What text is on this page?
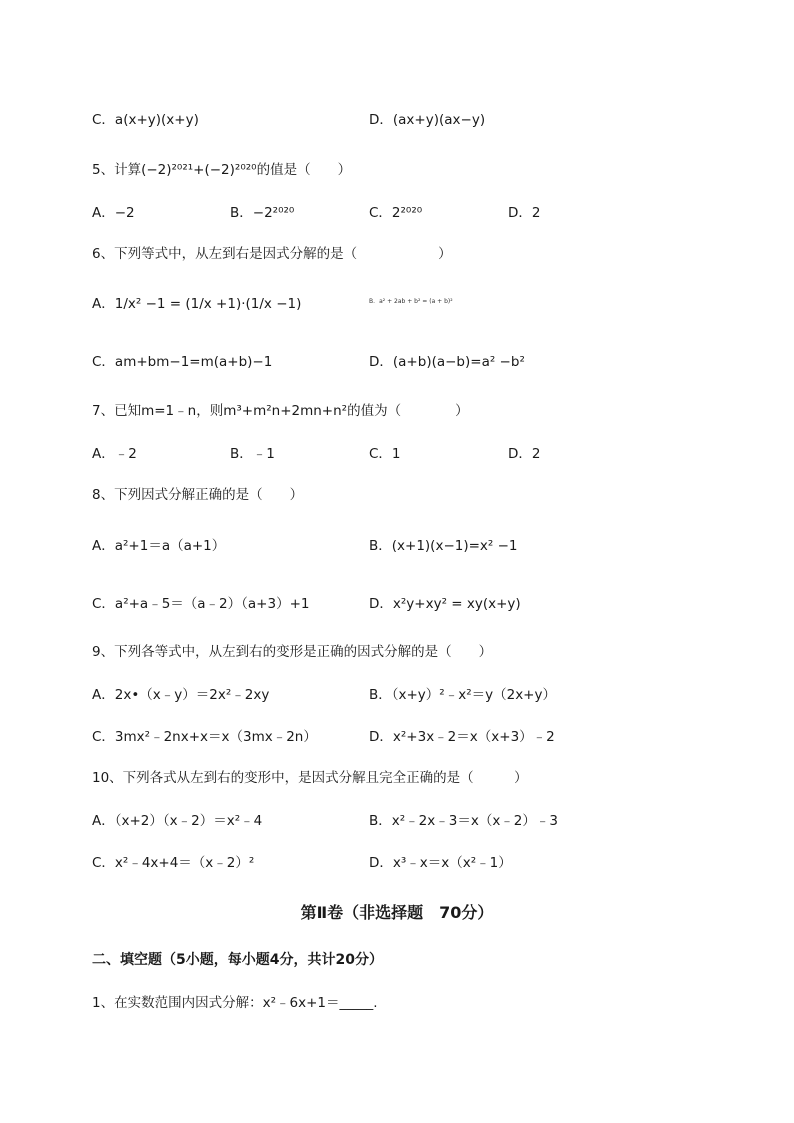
C．a(x+y)(x+y)	D．(ax+y)(ax−y)
5、计算(−2)²⁰²¹+(−2)²⁰²⁰的值是（　　）
A．−2	B．−2²⁰²⁰	C．2²⁰²⁰	D．2
6、下列等式中，从左到右是因式分解的是（　　　　　　）
A．1/x² −1 = (1/x +1)·(1/x −1)	B．a² + 2ab + b² = (a + b)²
C．am+bm−1=m(a+b)−1	D．(a+b)(a−b)=a² −b²
7、已知m=1﹣n，则m³+m²n+2mn+n²的值为（　　　　）
A．﹣2	B．﹣1	C．1	D．2
8、下列因式分解正确的是（　　）
A．a²+1＝a（a+1）	B．(x+1)(x−1)=x² −1
C．a²+a﹣5＝（a﹣2）（a+3）+1	D．x²y+xy² = xy(x+y)
9、下列各等式中，从左到右的变形是正确的因式分解的是（　　）
A．2x•（x﹣y）＝2x²﹣2xy	B．（x+y）²﹣x²＝y（2x+y）
C．3mx²﹣2nx+x＝x（3mx﹣2n）	D．x²+3x﹣2＝x（x+3）﹣2
10、下列各式从左到右的变形中，是因式分解且完全正确的是（　　　）
A．（x+2）（x﹣2）＝x²﹣4	B．x²﹣2x﹣3＝x（x﹣2）﹣3
C．x²﹣4x+4＝（x﹣2）²	D．x³﹣x＝x（x²﹣1）
第Ⅱ卷（非选择题　70分）
二、填空题（5小题，每小题4分，共计20分）
1、在实数范围内因式分解：x²﹣6x+1＝_____.
